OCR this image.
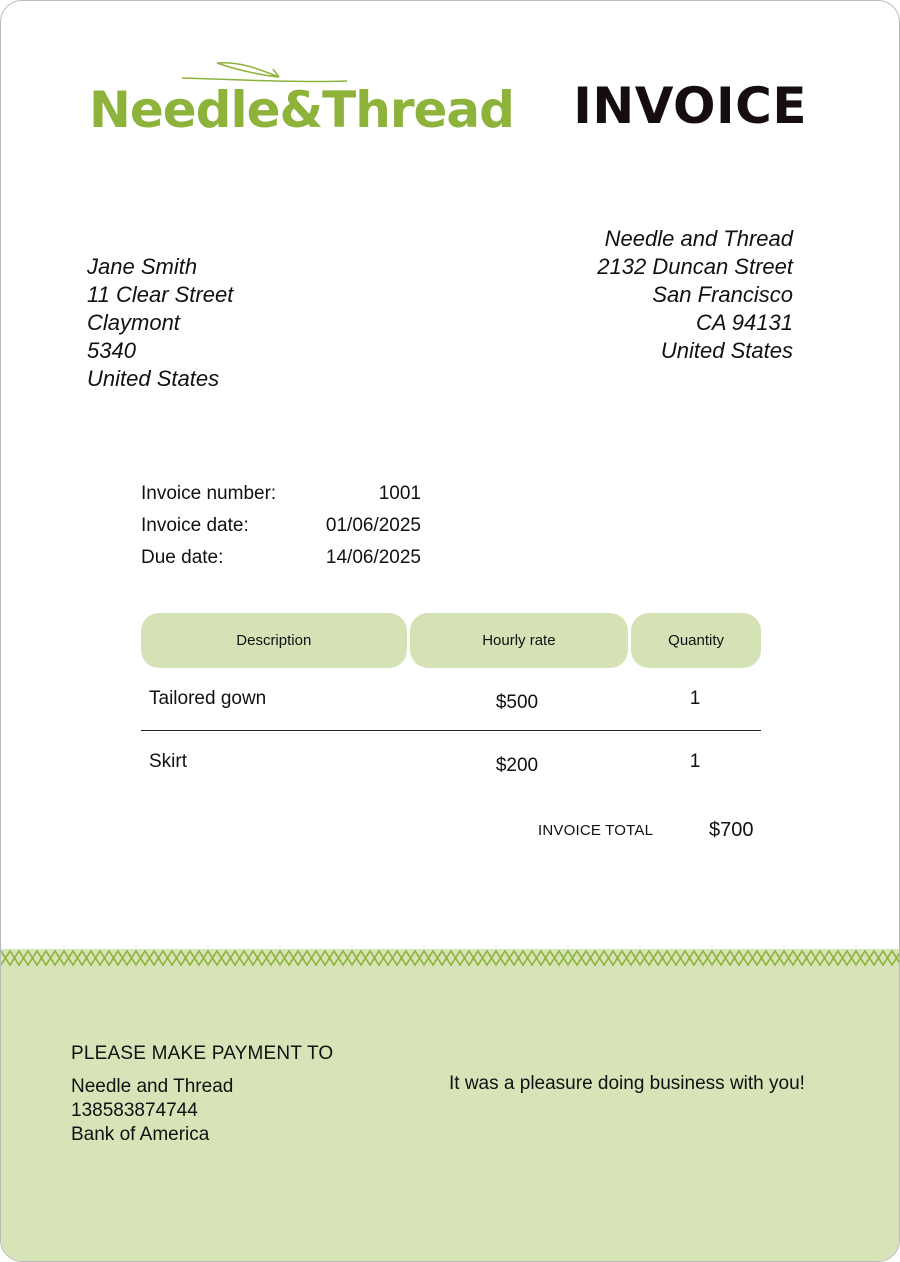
Needle&Thread INVOICE
Jane Smith
11 Clear Street
Claymont
5340
United States
Needle and Thread
2132 Duncan Street
San Francisco
CA 94131
United States
Invoice number:	1001
Invoice date:	01/06/2025
Due date:	14/06/2025
Description	Hourly rate	Quantity
Tailored gown	$500	1
Skirt	$200	1
INVOICE TOTAL	$700
PLEASE MAKE PAYMENT TO
Needle and Thread
138583874744
Bank of America
It was a pleasure doing business with you!
